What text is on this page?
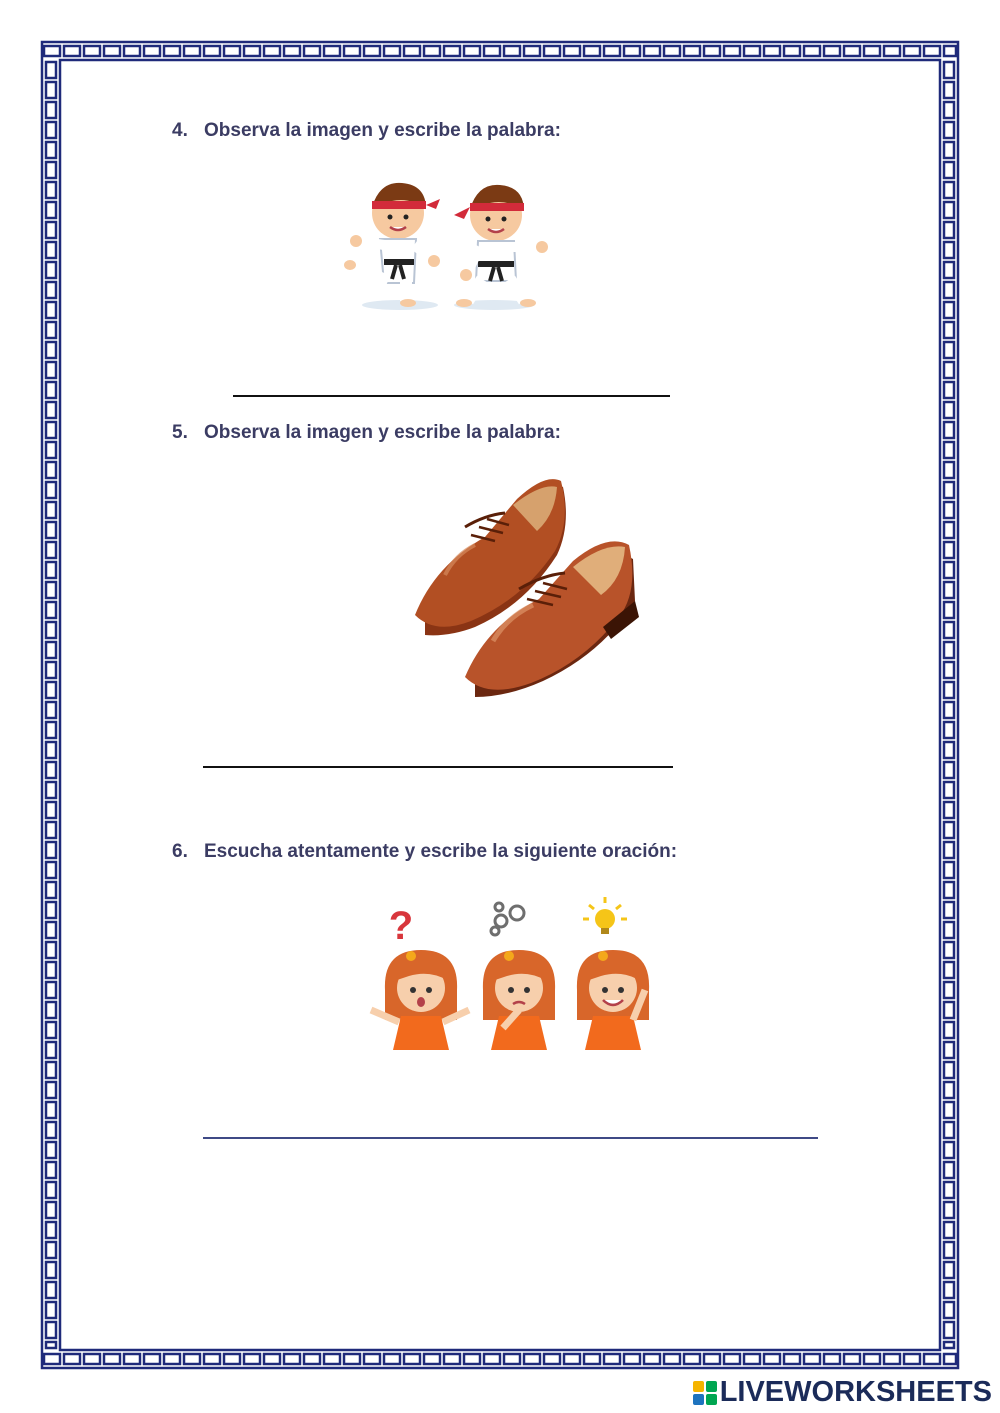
4. Observa la imagen y escribe la palabra:

5. Observa la imagen y escribe la palabra:

6. Escucha atentamente y escribe la siguiente oración:

?
LIVEWORKSHEETS
